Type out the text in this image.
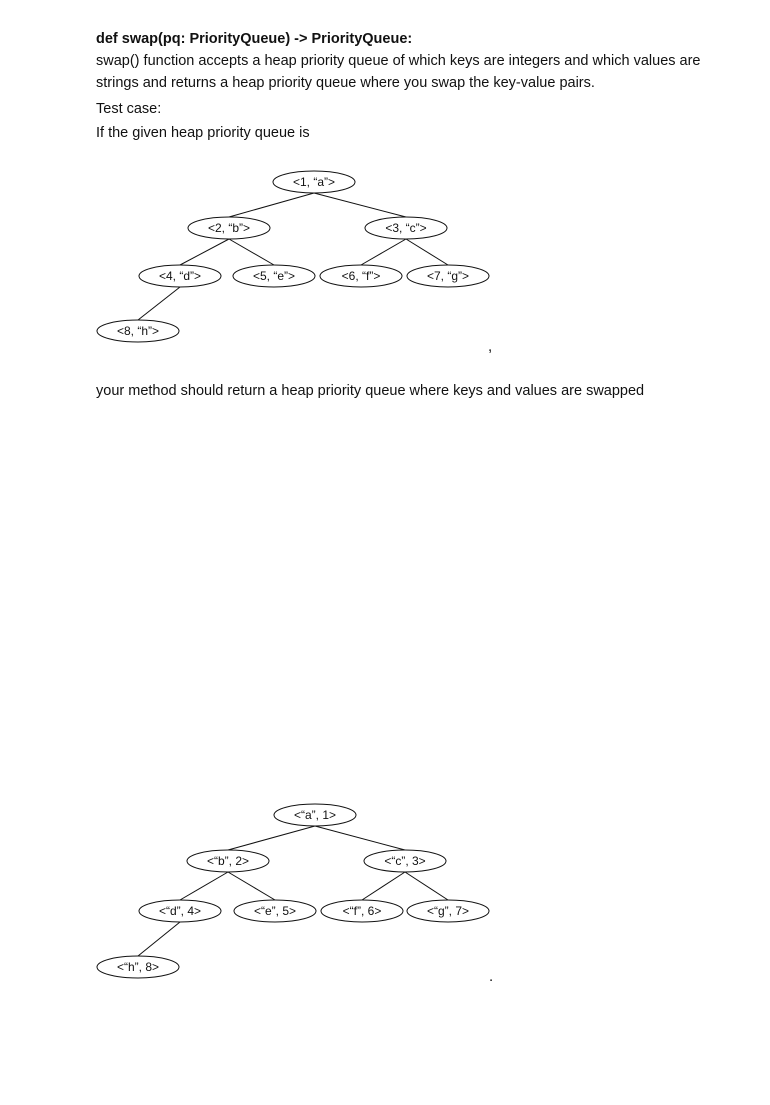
def swap(pq: PriorityQueue) -> PriorityQueue:
swap() function accepts a heap priority queue of which keys are integers and which values are
strings and returns a heap priority queue where you swap the key-value pairs.
Test case:
If the given heap priority queue is
<1, “a”>
<2, “b”>	<3, “c”>
<4, “d”>	<5, “e”>	<6, “f”>	<7, “g”>
<8, “h”>
,
your method should return a heap priority queue where keys and values are swapped
<“a”, 1>
<“b”, 2>	<“c”, 3>
<“d”, 4>	<“e”, 5>	<“f”, 6>	<“g”, 7>
<“h”, 8>
.
